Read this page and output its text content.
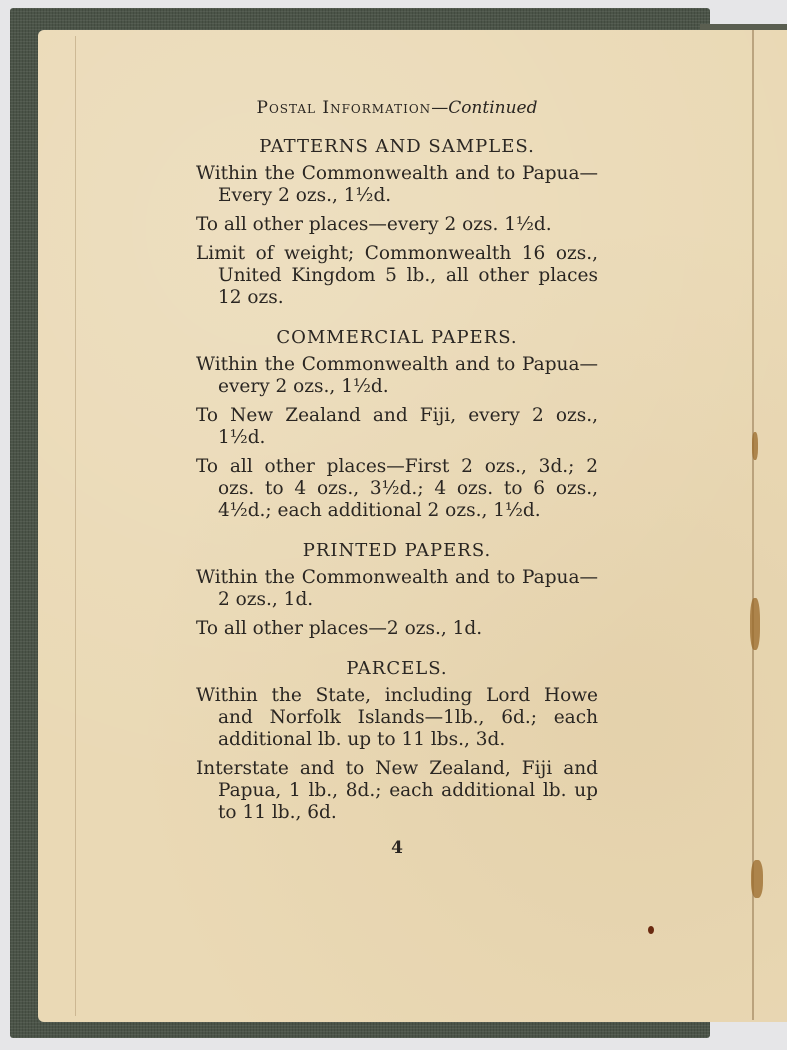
Postal Information—Continued
PATTERNS AND SAMPLES.

Within the Commonwealth and to Papua—Every 2 ozs., 1½d.

To all other places—every 2 ozs. 1½d.

Limit of weight; Commonwealth 16 ozs., United Kingdom 5 lb., all other places 12 ozs.

COMMERCIAL PAPERS.

Within the Commonwealth and to Papua—every 2 ozs., 1½d.

To New Zealand and Fiji, every 2 ozs., 1½d.

To all other places—First 2 ozs., 3d.; 2 ozs. to 4 ozs., 3½d.; 4 ozs. to 6 ozs., 4½d.; each additional 2 ozs., 1½d.

PRINTED PAPERS.

Within the Commonwealth and to Papua—2 ozs., 1d.

To all other places—2 ozs., 1d.

PARCELS.

Within the State, including Lord Howe and Norfolk Islands—1lb., 6d.; each additional lb. up to 11 lbs., 3d.

Interstate and to New Zealand, Fiji and Papua, 1 lb., 8d.; each additional lb. up to 11 lb., 6d.

4
